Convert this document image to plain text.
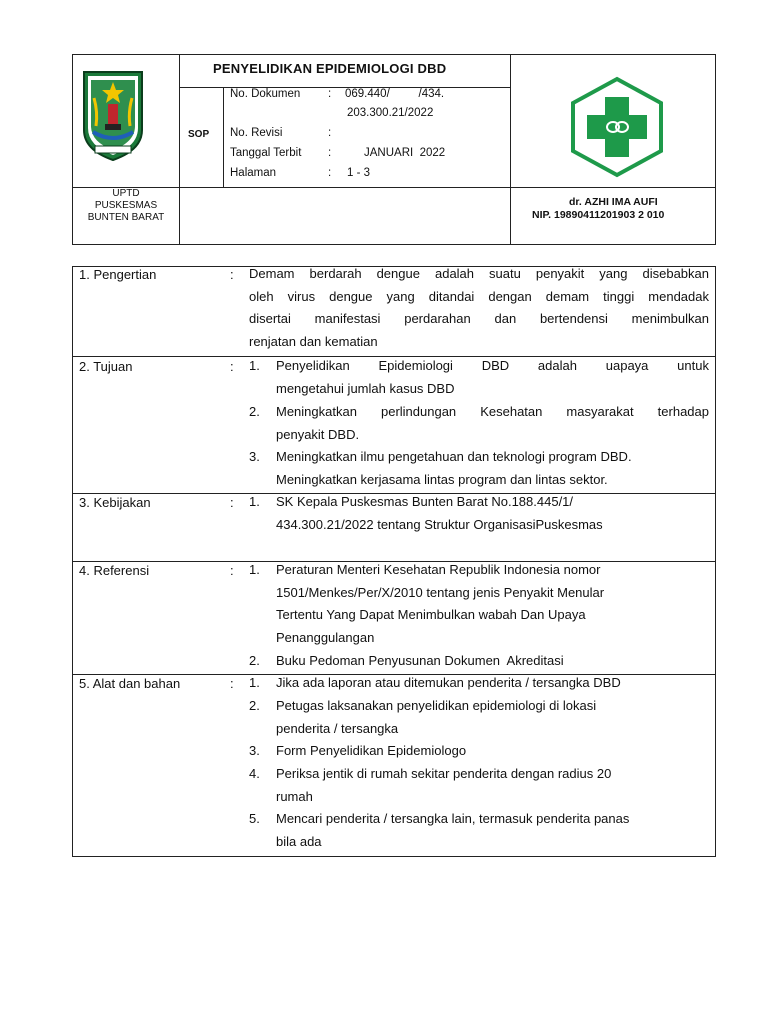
PENYELIDIKAN EPIDEMIOLOGI DBD
SOP
No. Dokumen : 069.440/         /434.
203.300.21/2022
No. Revisi	:
Tanggal Terbit :	JANUARI  2022
Halaman	: 1 - 3
UPTD
PUSKESMAS
BUNTEN BARAT
dr. AZHI IMA AUFI
NIP. 19890411201903 2 010
1. Pengertian	: Demam berdarah dengue adalah suatu penyakit yang disebabkan
oleh virus dengue yang ditandai dengan demam tinggi mendadak
disertai manifestasi perdarahan dan bertendensi menimbulkan
renjatan dan kematian
2. Tujuan	: 1. Penyelidikan Epidemiologi DBD adalah uapaya untuk
mengetahui jumlah kasus DBD
2. Meningkatkan perlindungan Kesehatan masyarakat terhadap
penyakit DBD.
3. Meningkatkan ilmu pengetahuan dan teknologi program DBD.
Meningkatkan kerjasama lintas program dan lintas sektor.
3. Kebijakan	: 1. SK Kepala Puskesmas Bunten Barat No.188.445/1/
434.300.21/2022 tentang Struktur OrganisasiPuskesmas
4. Referensi	: 1. Peraturan Menteri Kesehatan Republik Indonesia nomor
1501/Menkes/Per/X/2010 tentang jenis Penyakit Menular
Tertentu Yang Dapat Menimbulkan wabah Dan Upaya
Penanggulangan
2. Buku Pedoman Penyusunan Dokumen  Akreditasi
5. Alat dan bahan	: 1. Jika ada laporan atau ditemukan penderita / tersangka DBD
2. Petugas laksanakan penyelidikan epidemiologi di lokasi
penderita / tersangka
3. Form Penyelidikan Epidemiologo
4. Periksa jentik di rumah sekitar penderita dengan radius 20
rumah
5. Mencari penderita / tersangka lain, termasuk penderita panas
bila ada
